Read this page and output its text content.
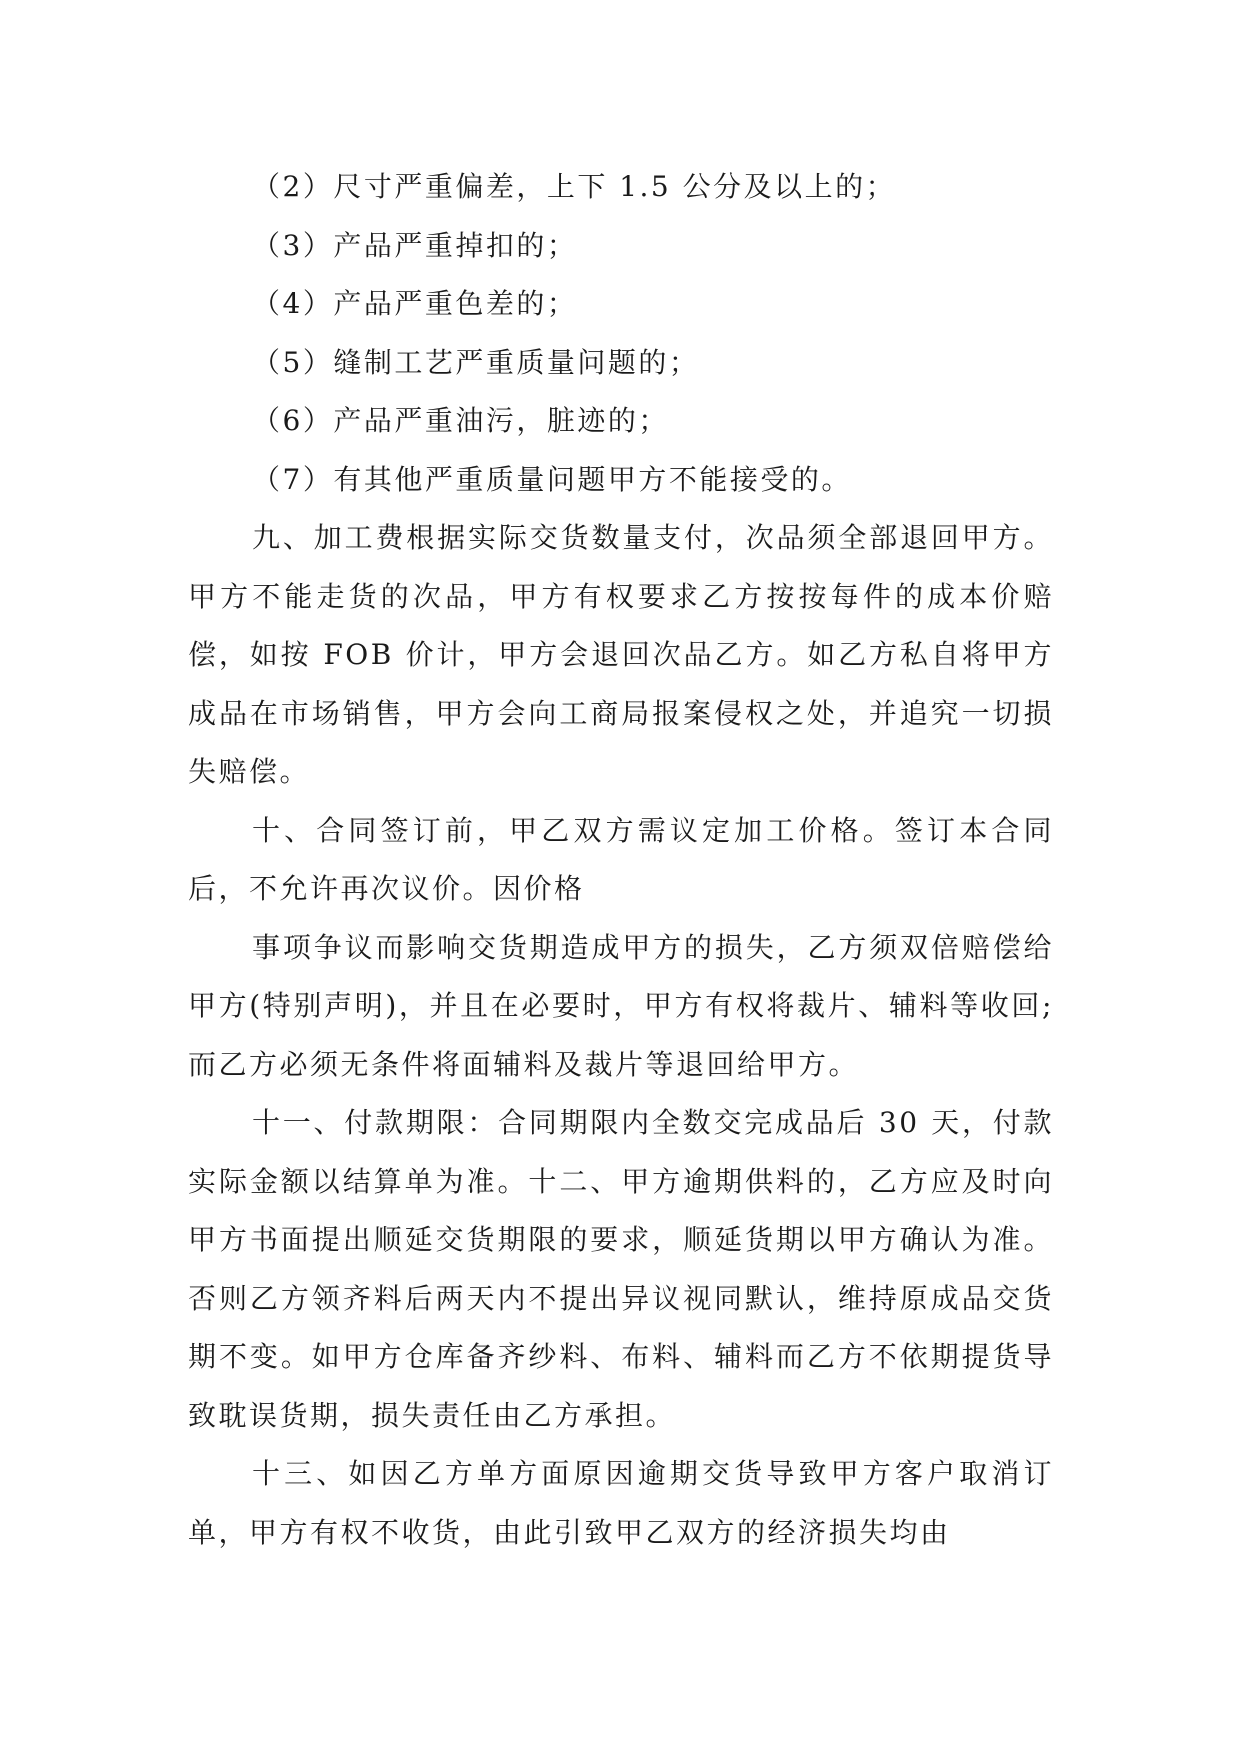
（2）尺寸严重偏差，上下 1.5 公分及以上的；

（3）产品严重掉扣的；

（4）产品严重色差的；

（5）缝制工艺严重质量问题的；

（6）产品严重油污，脏迹的；

（7）有其他严重质量问题甲方不能接受的。

九、加工费根据实际交货数量支付，次品须全部退回甲方。甲方不能走货的次品，甲方有权要求乙方按按每件的成本价赔偿，如按 FOB 价计，甲方会退回次品乙方。如乙方私自将甲方成品在市场销售，甲方会向工商局报案侵权之处，并追究一切损失赔偿。

十、合同签订前，甲乙双方需议定加工价格。签订本合同后，不允许再次议价。因价格

事项争议而影响交货期造成甲方的损失，乙方须双倍赔偿给甲方(特别声明)，并且在必要时，甲方有权将裁片、辅料等收回;而乙方必须无条件将面辅料及裁片等退回给甲方。

十一、付款期限：合同期限内全数交完成品后 30 天，付款实际金额以结算单为准。十二、甲方逾期供料的，乙方应及时向甲方书面提出顺延交货期限的要求，顺延货期以甲方确认为准。否则乙方领齐料后两天内不提出异议视同默认，维持原成品交货期不变。如甲方仓库备齐纱料、布料、辅料而乙方不依期提货导致耽误货期，损失责任由乙方承担。

十三、如因乙方单方面原因逾期交货导致甲方客户取消订单，甲方有权不收货，由此引致甲乙双方的经济损失均由
